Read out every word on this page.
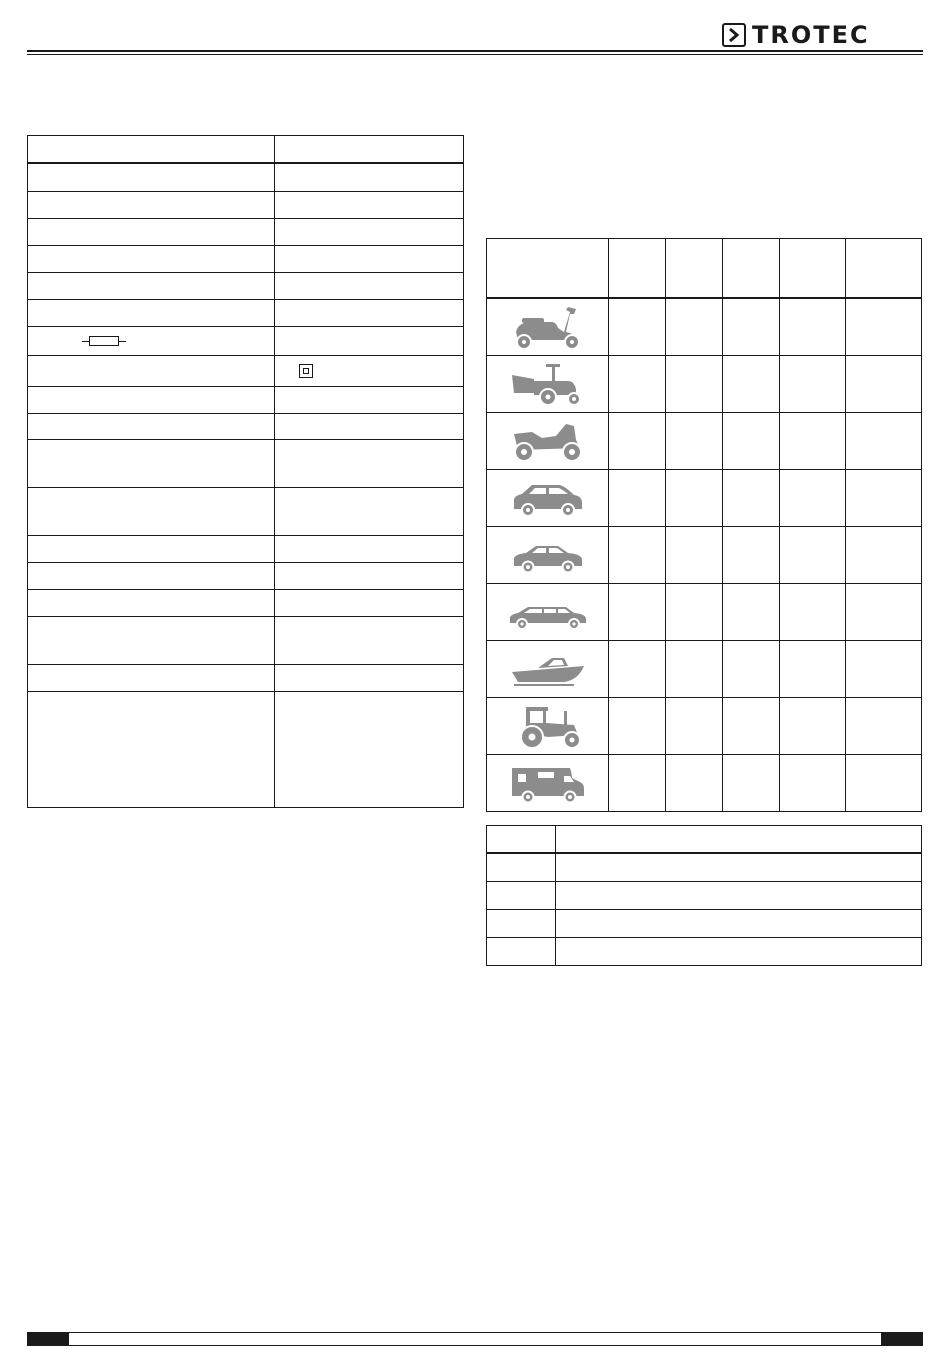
TROTEC
